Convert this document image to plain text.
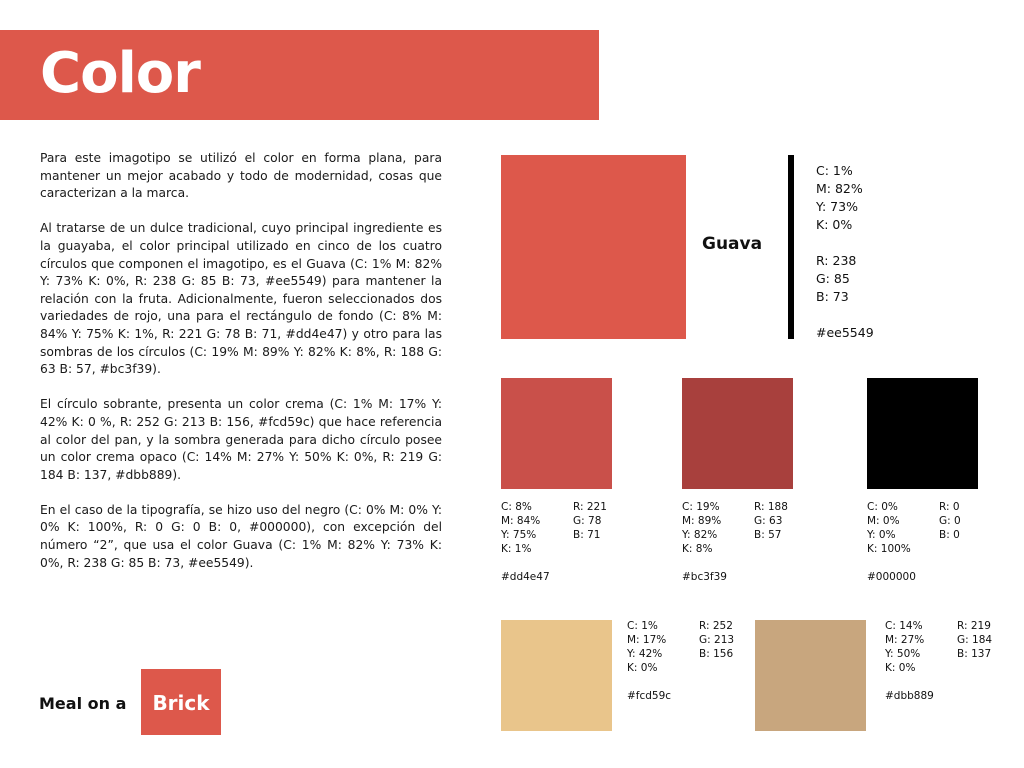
Color

Para este imagotipo se utilizó el color en forma plana, para mantener un mejor acabado y todo de modernidad, cosas que caracterizan a la marca.

Al tratarse de un dulce tradicional, cuyo principal ingrediente es la guayaba, el color principal utilizado en cinco de los cuatro círculos que componen el imagotipo, es el Guava (C: 1% M: 82% Y: 73% K: 0%, R: 238 G: 85 B: 73, #ee5549) para mantener la relación con la fruta. Adicionalmente, fueron seleccionados dos variedades de rojo, una para el rectángulo de fondo (C: 8% M: 84% Y: 75% K: 1%, R: 221 G: 78 B: 71, #dd4e47) y otro para las sombras de los círculos (C: 19% M: 89% Y: 82% K: 8%, R: 188 G: 63 B: 57, #bc3f39).

El círculo sobrante, presenta un color crema (C: 1% M: 17% Y: 42% K: 0 %, R: 252 G: 213 B: 156, #fcd59c) que hace referencia al color del pan, y la sombra generada para dicho círculo posee un color crema opaco (C: 14% M: 27% Y: 50% K: 0%, R: 219 G: 184 B: 137, #dbb889).

En el caso de la tipografía, se hizo uso del negro (C: 0% M: 0% Y: 0% K: 100%, R: 0 G: 0 B: 0, #000000), con excepción del número “2”, que usa el color Guava (C: 1% M: 82% Y: 73% K: 0%, R: 238 G: 85 B: 73, #ee5549).

Guava
C: 1%
M: 82%
Y: 73%
K: 0%
R: 238
G: 85
B: 73
#ee5549
C: 8%
M: 84%
Y: 75%
K: 1%
R: 221
G: 78
B: 71
#dd4e47
C: 19%
M: 89%
Y: 82%
K: 8%
R: 188
G: 63
B: 57
#bc3f39
C: 0%
M: 0%
Y: 0%
K: 100%
R: 0
G: 0
B: 0
#000000
C: 1%
M: 17%
Y: 42%
K: 0%
R: 252
G: 213
B: 156
#fcd59c
C: 14%
M: 27%
Y: 50%
K: 0%
R: 219
G: 184
B: 137
#dbb889
Meal on a	Brick
